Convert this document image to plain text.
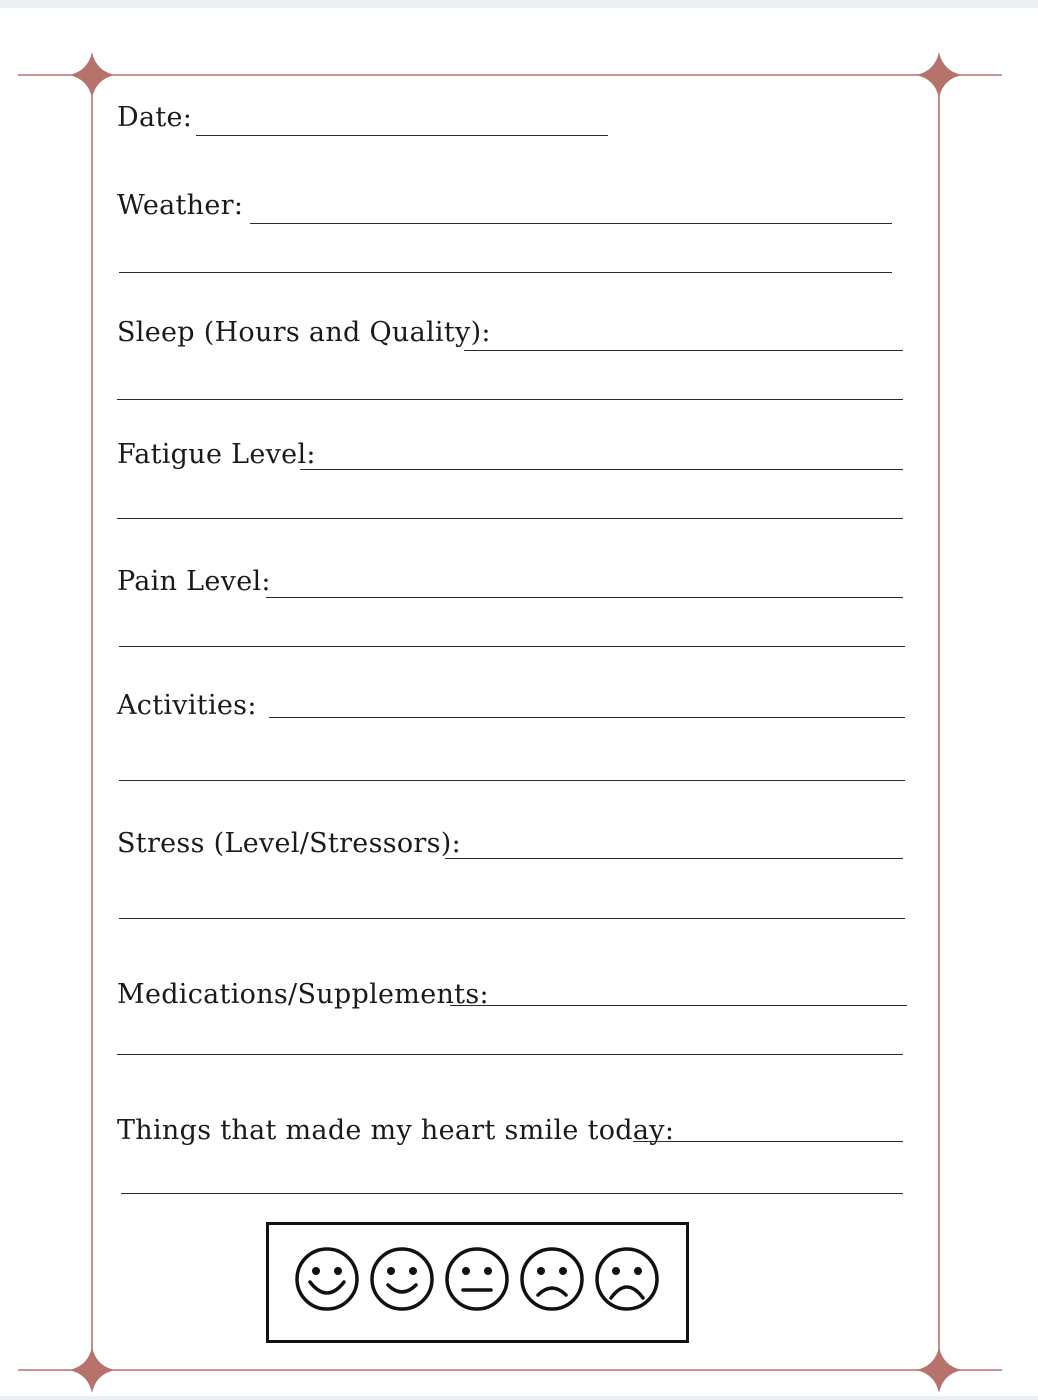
Date:
Weather:
Sleep (Hours and Quality):
Fatigue Level:
Pain Level:
Activities:
Stress (Level/Stressors):
Medications/Supplements:
Things that made my heart smile today:
